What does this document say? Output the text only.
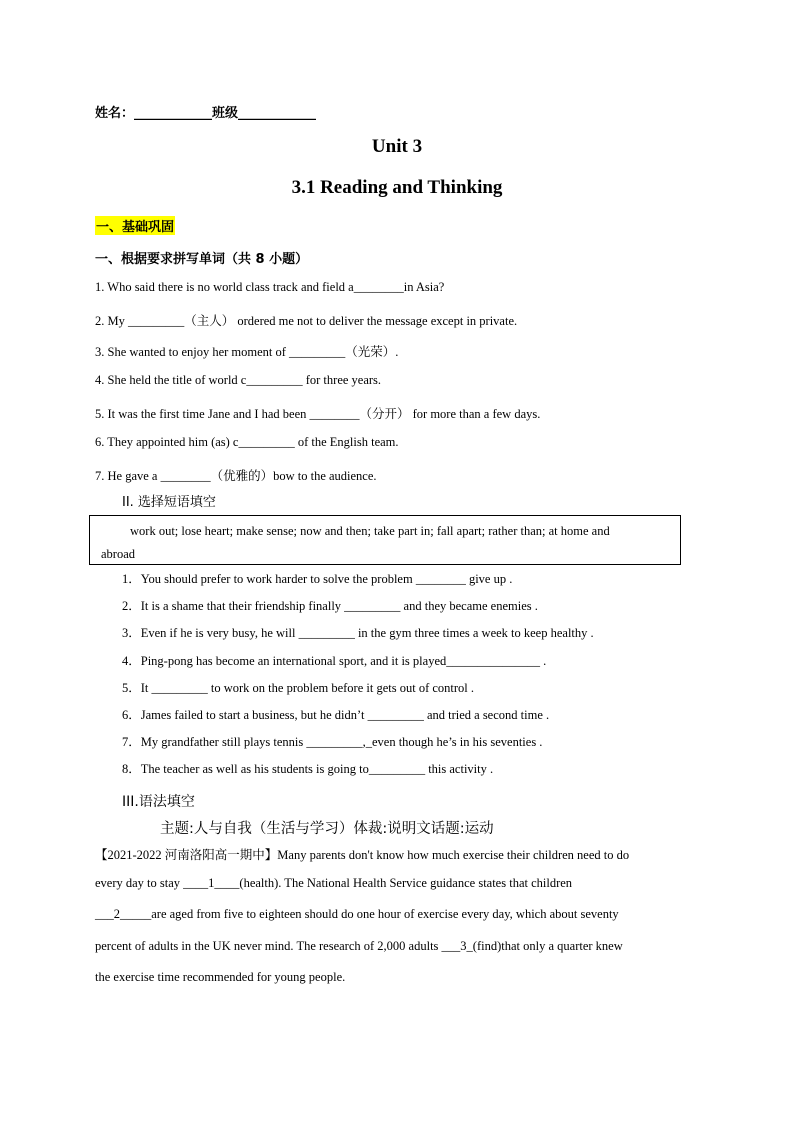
姓名：____________班级____________
Unit 3
3.1 Reading and Thinking
一、基础巩固
一、根据要求拼写单词（共 8 小题）
1. Who said there is no world class track and field a________in Asia?
2. My _________（主人） ordered me not to deliver the message except in private.
3. She wanted to enjoy her moment of _________（光荣）.
4. She held the title of world c_________ for three years.
5. It was the first time Jane and I had been ________（分开） for more than a few days.
6. They appointed him (as) c_________ of the English team.
7. He gave a ________（优雅的）bow to the audience.
II. 选择短语填空
work out; lose heart; make sense; now and then; take part in; fall apart; rather than; at home and
abroad
1．You should prefer to work harder to solve the problem ________ give up .
2．It is a shame that their friendship finally _________ and they became enemies .
3．Even if he is very busy, he will _________ in the gym three times a week to keep healthy .
4．Ping-pong has become an international sport, and it is played_______________ .
5．It _________ to work on the problem before it gets out of control .
6．James failed to start a business, but he didn’t _________ and tried a second time .
7．My grandfather still plays tennis _________,_even though he’s in his seventies .
8．The teacher as well as his students is going to_________ this activity .
III.语法填空
主题:人与自我（生活与学习）体裁:说明文话题:运动
【2021-2022 河南洛阳高一期中】Many parents don't know how much exercise their children need to do
every day to stay ____1____(health). The National Health Service guidance states that children
___2_____are aged from five to eighteen should do one hour of exercise every day, which about seventy
percent of adults in the UK never mind. The research of 2,000 adults ___3_(find)that only a quarter knew
the exercise time recommended for young people.
